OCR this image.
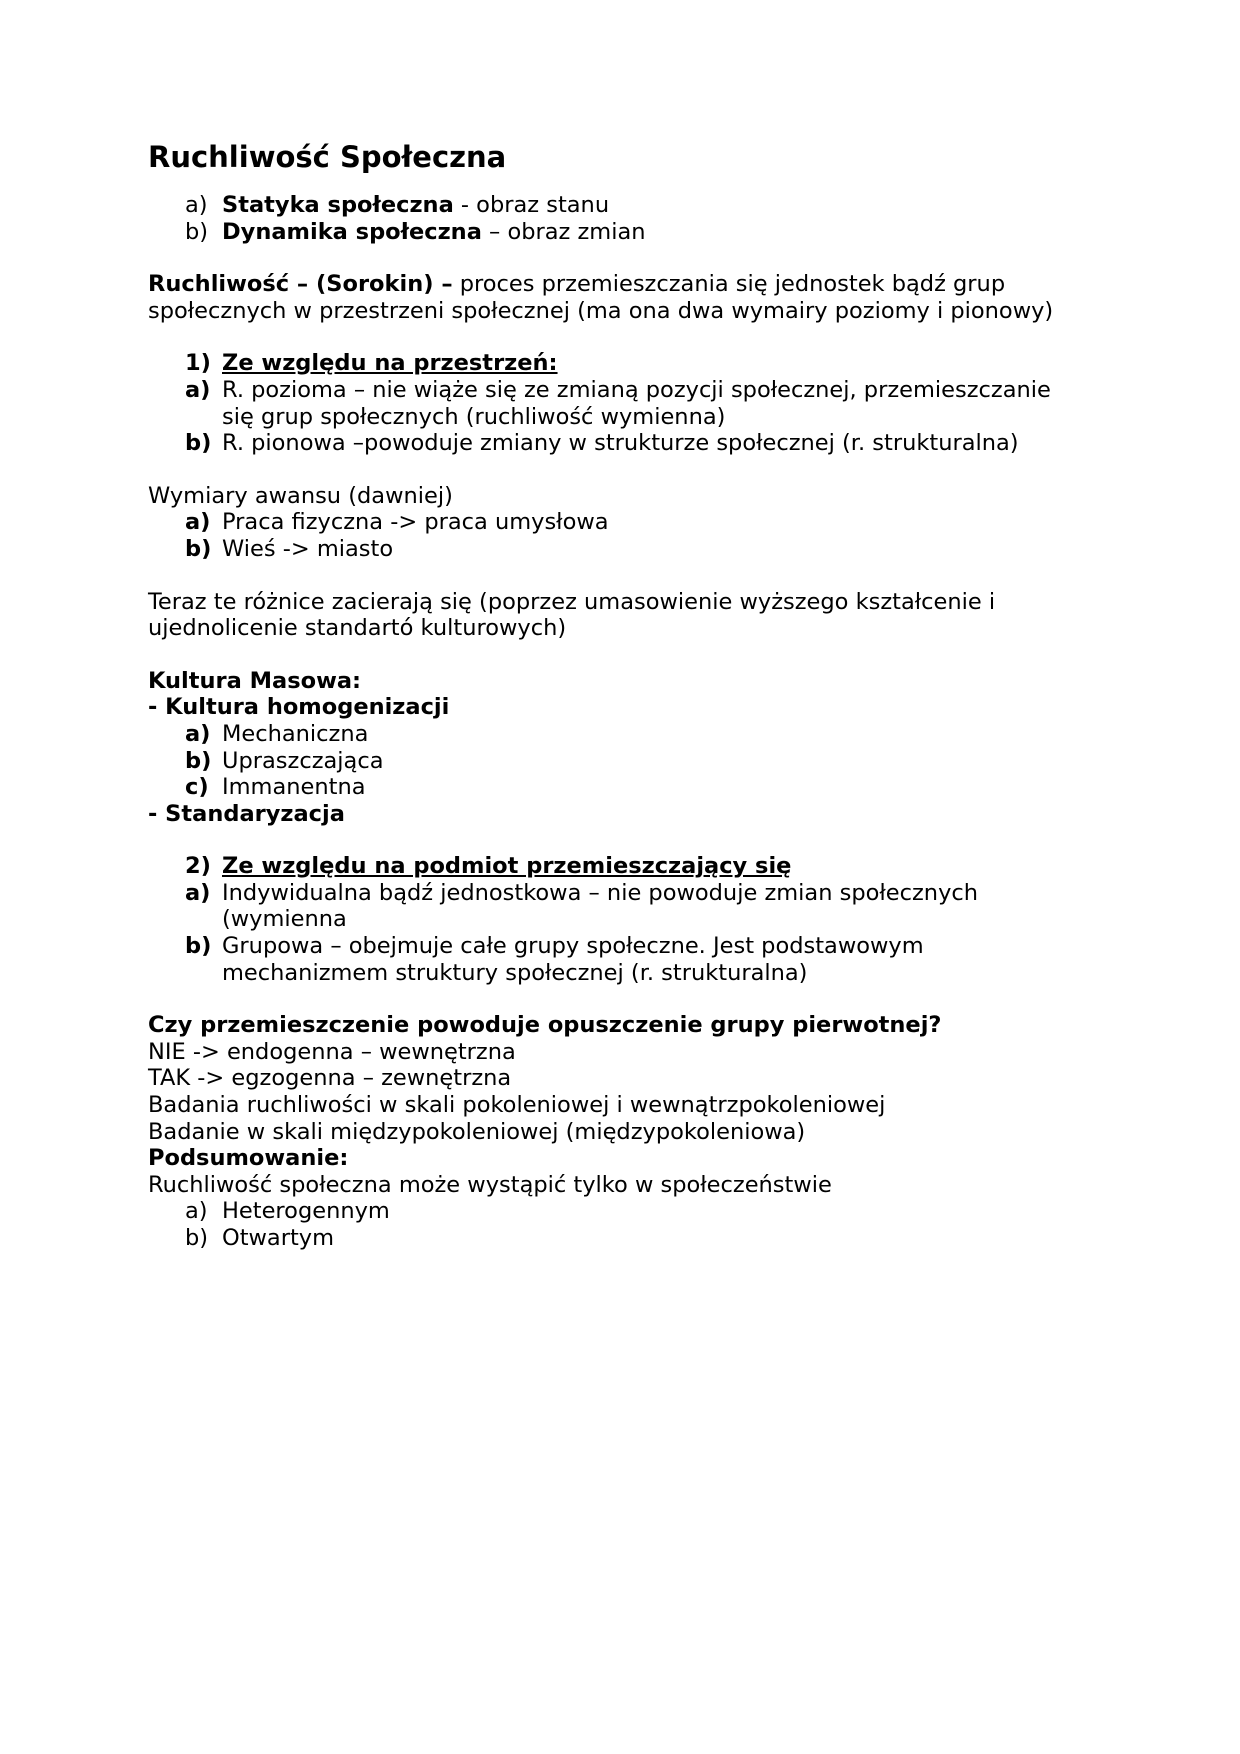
Ruchliwość Społeczna
a) Statyka społeczna - obraz stanu
b) Dynamika społeczna – obraz zmian
Ruchliwość – (Sorokin) – proces przemieszczania się jednostek bądź grup
społecznych w przestrzeni społecznej (ma ona dwa wymairy poziomy i pionowy)
1) Ze względu na przestrzeń:
a) R. pozioma – nie wiąże się ze zmianą pozycji społecznej, przemieszczanie
się grup społecznych (ruchliwość wymienna)
b) R. pionowa –powoduje zmiany w strukturze społecznej (r. strukturalna)
Wymiary awansu (dawniej)
a) Praca fizyczna -> praca umysłowa
b) Wieś -> miasto
Teraz te różnice zacierają się (poprzez umasowienie wyższego kształcenie i
ujednolicenie standartó kulturowych)
Kultura Masowa:
- Kultura homogenizacji
a) Mechaniczna
b) Upraszczająca
c) Immanentna
- Standaryzacja
2) Ze względu na podmiot przemieszczający się
a) Indywidualna bądź jednostkowa – nie powoduje zmian społecznych
(wymienna
b) Grupowa – obejmuje całe grupy społeczne. Jest podstawowym
mechanizmem struktury społecznej (r. strukturalna)
Czy przemieszczenie powoduje opuszczenie grupy pierwotnej?
NIE -> endogenna – wewnętrzna
TAK -> egzogenna – zewnętrzna
Badania ruchliwości w skali pokoleniowej i wewnątrzpokoleniowej
Badanie w skali międzypokoleniowej (międzypokoleniowa)
Podsumowanie:
Ruchliwość społeczna może wystąpić tylko w społeczeństwie
a) Heterogennym
b) Otwartym
